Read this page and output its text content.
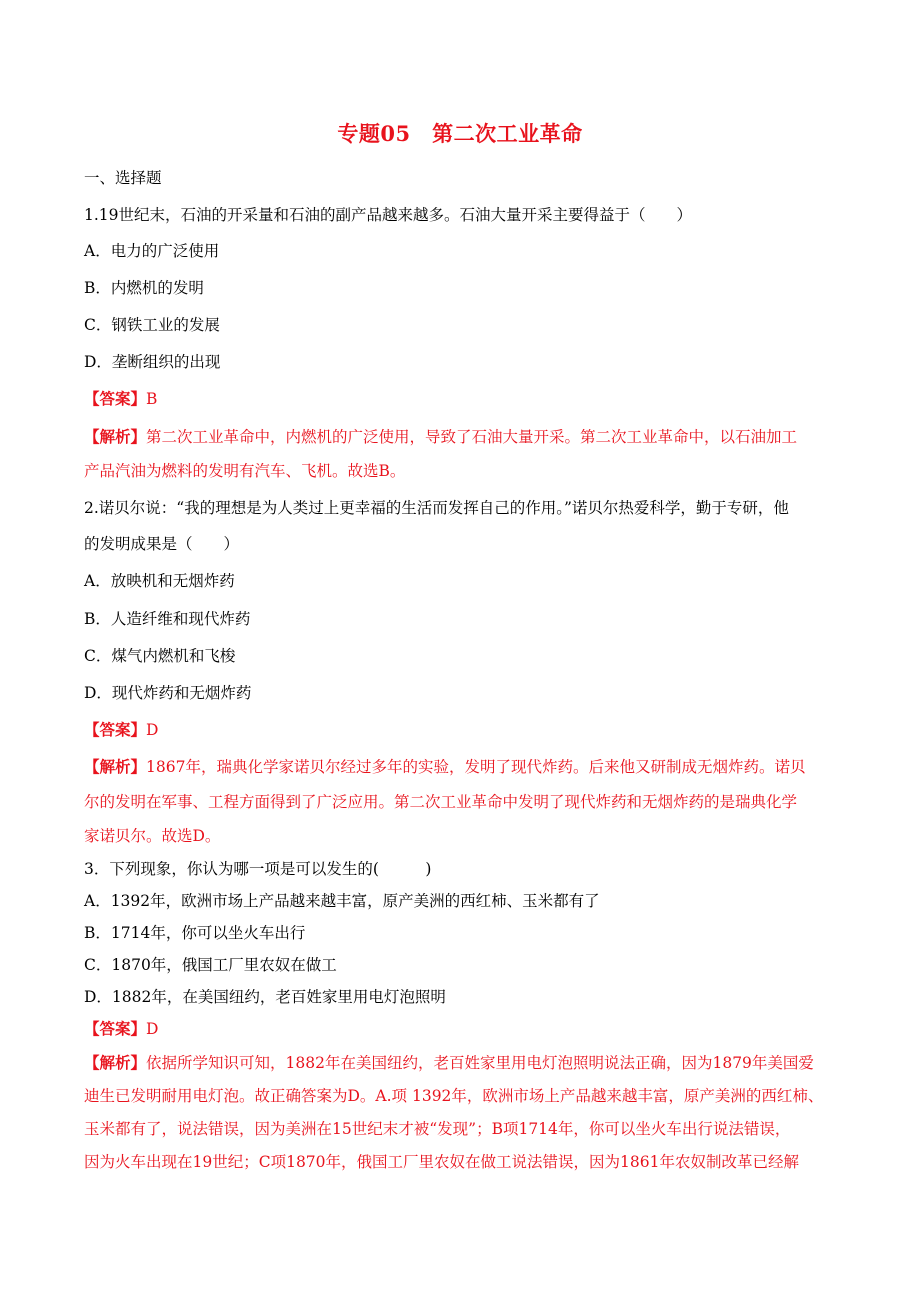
专题05　第二次工业革命
一、选择题
1.19世纪末，石油的开采量和石油的副产品越来越多。石油大量开采主要得益于（　　）
A．电力的广泛使用
B．内燃机的发明
C．钢铁工业的发展
D．垄断组织的出现
【答案】B
【解析】第二次工业革命中，内燃机的广泛使用，导致了石油大量开采。第二次工业革命中，以石油加工
产品汽油为燃料的发明有汽车、飞机。故选B。
2.诺贝尔说：“我的理想是为人类过上更幸福的生活而发挥自己的作用。”诺贝尔热爱科学，勤于专研，他
的发明成果是（　　）
A．放映机和无烟炸药
B．人造纤维和现代炸药
C．煤气内燃机和飞梭
D．现代炸药和无烟炸药
【答案】D
【解析】1867年，瑞典化学家诺贝尔经过多年的实验，发明了现代炸药。后来他又研制成无烟炸药。诺贝
尔的发明在军事、工程方面得到了广泛应用。第二次工业革命中发明了现代炸药和无烟炸药的是瑞典化学
家诺贝尔。故选D。
3．下列现象，你认为哪一项是可以发生的(　　　)
A．1392年，欧洲市场上产品越来越丰富，原产美洲的西红柿、玉米都有了
B．1714年，你可以坐火车出行
C．1870年，俄国工厂里农奴在做工
D．1882年，在美国纽约，老百姓家里用电灯泡照明
【答案】D
【解析】依据所学知识可知，1882年在美国纽约，老百姓家里用电灯泡照明说法正确，因为1879年美国爱
迪生已发明耐用电灯泡。故正确答案为D。A.项 1392年，欧洲市场上产品越来越丰富，原产美洲的西红柿、
玉米都有了，说法错误，因为美洲在15世纪末才被“发现”；B项1714年，你可以坐火车出行说法错误，
因为火车出现在19世纪；C项1870年，俄国工厂里农奴在做工说法错误，因为1861年农奴制改革已经解
